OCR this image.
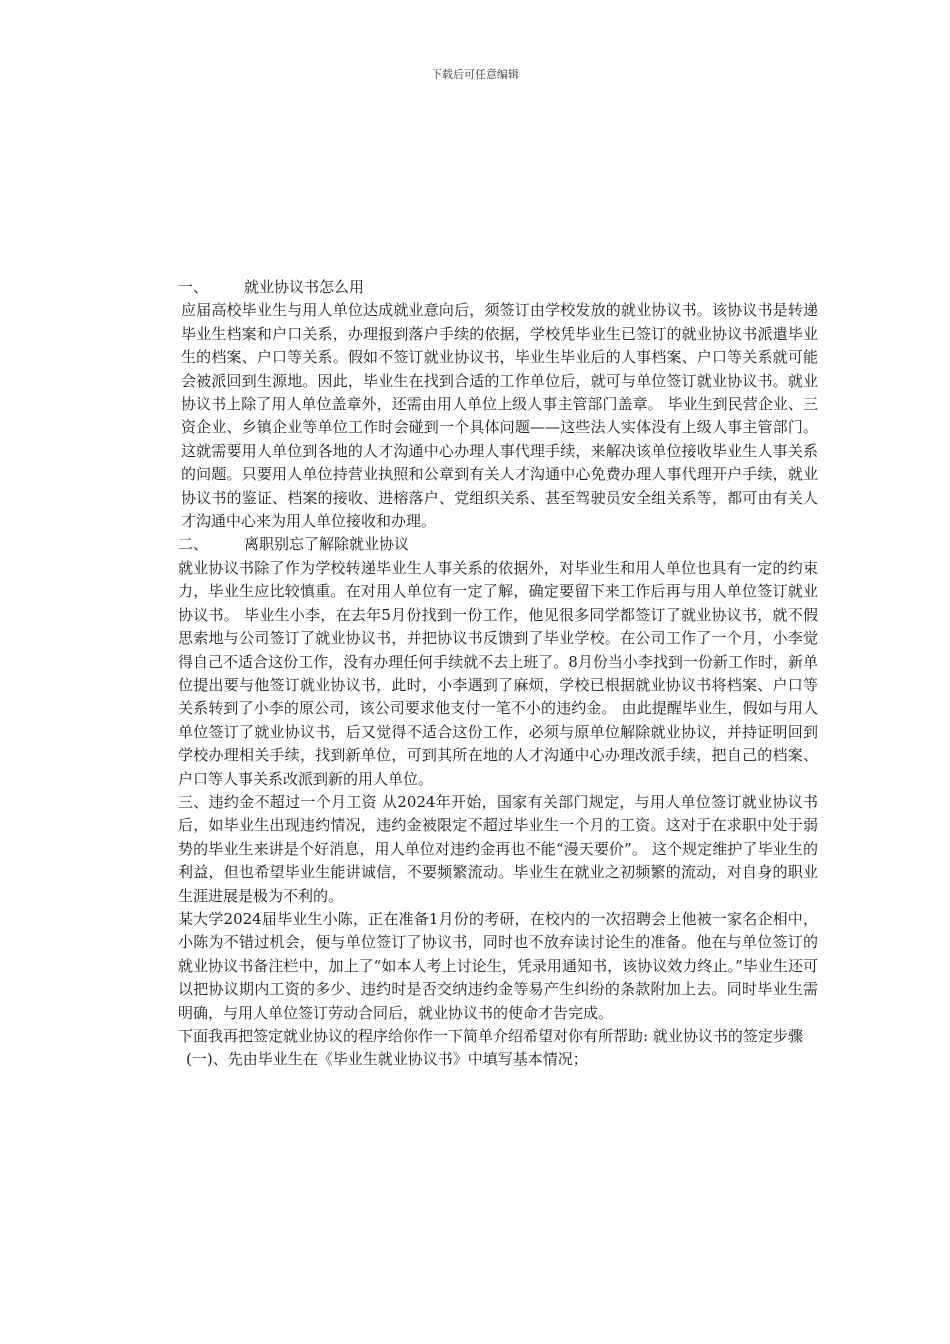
下载后可任意编辑

一、 就业协议书怎么用

应届高校毕业生与用人单位达成就业意向后，须签订由学校发放的就业协议书。该协议书是转递毕业生档案和户口关系，办理报到落户手续的依据，学校凭毕业生已签订的就业协议书派遣毕业生的档案、户口等关系。假如不签订就业协议书，毕业生毕业后的人事档案、户口等关系就可能会被派回到生源地。因此，毕业生在找到合适的工作单位后，就可与单位签订就业协议书。就业协议书上除了用人单位盖章外，还需由用人单位上级人事主管部门盖章。 毕业生到民营企业、三资企业、乡镇企业等单位工作时会碰到一个具体问题——这些法人实体没有上级人事主管部门。这就需要用人单位到各地的人才沟通中心办理人事代理手续，来解决该单位接收毕业生人事关系的问题。只要用人单位持营业执照和公章到有关人才沟通中心免费办理人事代理开户手续，就业协议书的鉴证、档案的接收、进榕落户、党组织关系、甚至驾驶员安全组关系等，都可由有关人才沟通中心来为用人单位接收和办理。

二、 离职别忘了解除就业协议

就业协议书除了作为学校转递毕业生人事关系的依据外，对毕业生和用人单位也具有一定的约束力，毕业生应比较慎重。在对用人单位有一定了解，确定要留下来工作后再与用人单位签订就业协议书。 毕业生小李，在去年5月份找到一份工作，他见很多同学都签订了就业协议书，就不假思索地与公司签订了就业协议书，并把协议书反馈到了毕业学校。在公司工作了一个月，小李觉得自己不适合这份工作，没有办理任何手续就不去上班了。8月份当小李找到一份新工作时，新单位提出要与他签订就业协议书，此时，小李遇到了麻烦，学校已根据就业协议书将档案、户口等关系转到了小李的原公司，该公司要求他支付一笔不小的违约金。 由此提醒毕业生，假如与用人单位签订了就业协议书，后又觉得不适合这份工作，必须与原单位解除就业协议，并持证明回到学校办理相关手续，找到新单位，可到其所在地的人才沟通中心办理改派手续，把自己的档案、户口等人事关系改派到新的用人单位。

三、违约金不超过一个月工资 从2024年开始，国家有关部门规定，与用人单位签订就业协议书后，如毕业生出现违约情况，违约金被限定不超过毕业生一个月的工资。这对于在求职中处于弱势的毕业生来讲是个好消息，用人单位对违约金再也不能“漫天要价”。 这个规定维护了毕业生的利益，但也希望毕业生能讲诚信，不要频繁流动。毕业生在就业之初频繁的流动，对自身的职业生涯进展是极为不利的。

某大学2024届毕业生小陈，正在准备1月份的考研，在校内的一次招聘会上他被一家名企相中，小陈为不错过机会，便与单位签订了协议书，同时也不放弃读讨论生的准备。他在与单位签订的就业协议书备注栏中，加上了“如本人考上讨论生，凭录用通知书，该协议效力终止。”毕业生还可以把协议期内工资的多少、违约时是否交纳违约金等易产生纠纷的条款附加上去。同时毕业生需明确，与用人单位签订劳动合同后，就业协议书的使命才告完成。

下面我再把签定就业协议的程序给你作一下简单介绍希望对你有所帮助: 就业协议书的签定步骤

(一)、先由毕业生在《毕业生就业协议书》中填写基本情况；
